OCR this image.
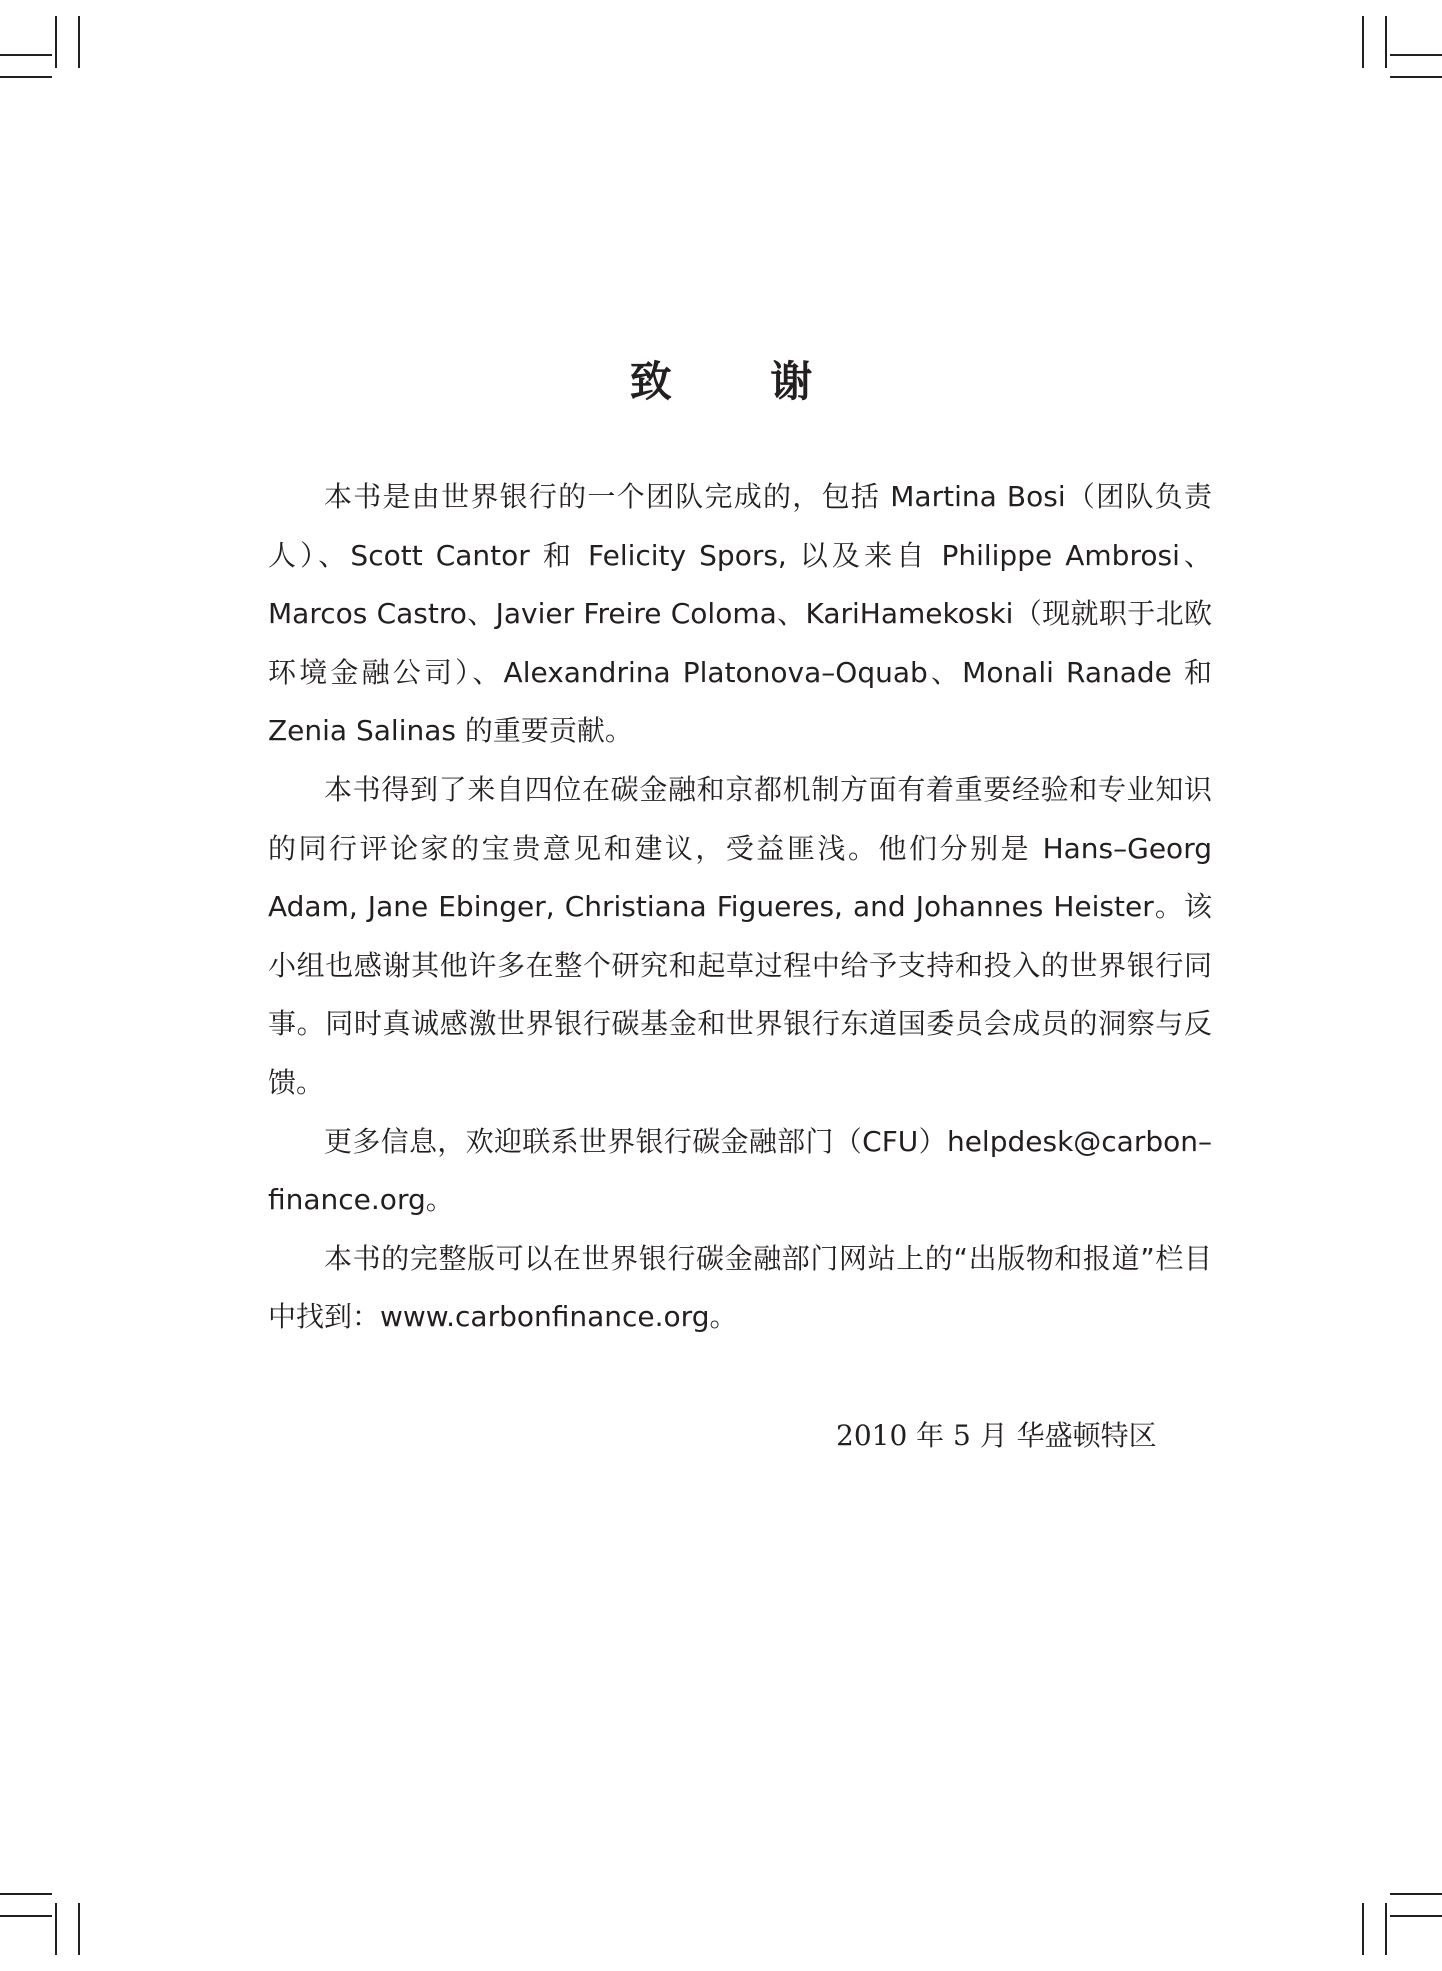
致 谢

本书是由世界银行的一个团队完成的，包括 Martina Bosi（团队负责人）、Scott Cantor 和 Felicity Spors, 以及来自 Philippe Ambrosi、Marcos Castro、Javier Freire Coloma、KariHamekoski（现就职于北欧环境金融公司）、Alexandrina Platonova–Oquab、Monali Ranade 和 Zenia Salinas 的重要贡献。

本书得到了来自四位在碳金融和京都机制方面有着重要经验和专业知识的同行评论家的宝贵意见和建议，受益匪浅。他们分别是 Hans–Georg Adam, Jane Ebinger, Christiana Figueres, and Johannes Heister。该小组也感谢其他许多在整个研究和起草过程中给予支持和投入的世界银行同事。同时真诚感激世界银行碳基金和世界银行东道国委员会成员的洞察与反馈。

更多信息，欢迎联系世界银行碳金融部门（CFU）helpdesk@carbon–finance.org。

本书的完整版可以在世界银行碳金融部门网站上的“出版物和报道”栏目中找到：www.carbonfinance.org。

2010 年 5 月 华盛顿特区
